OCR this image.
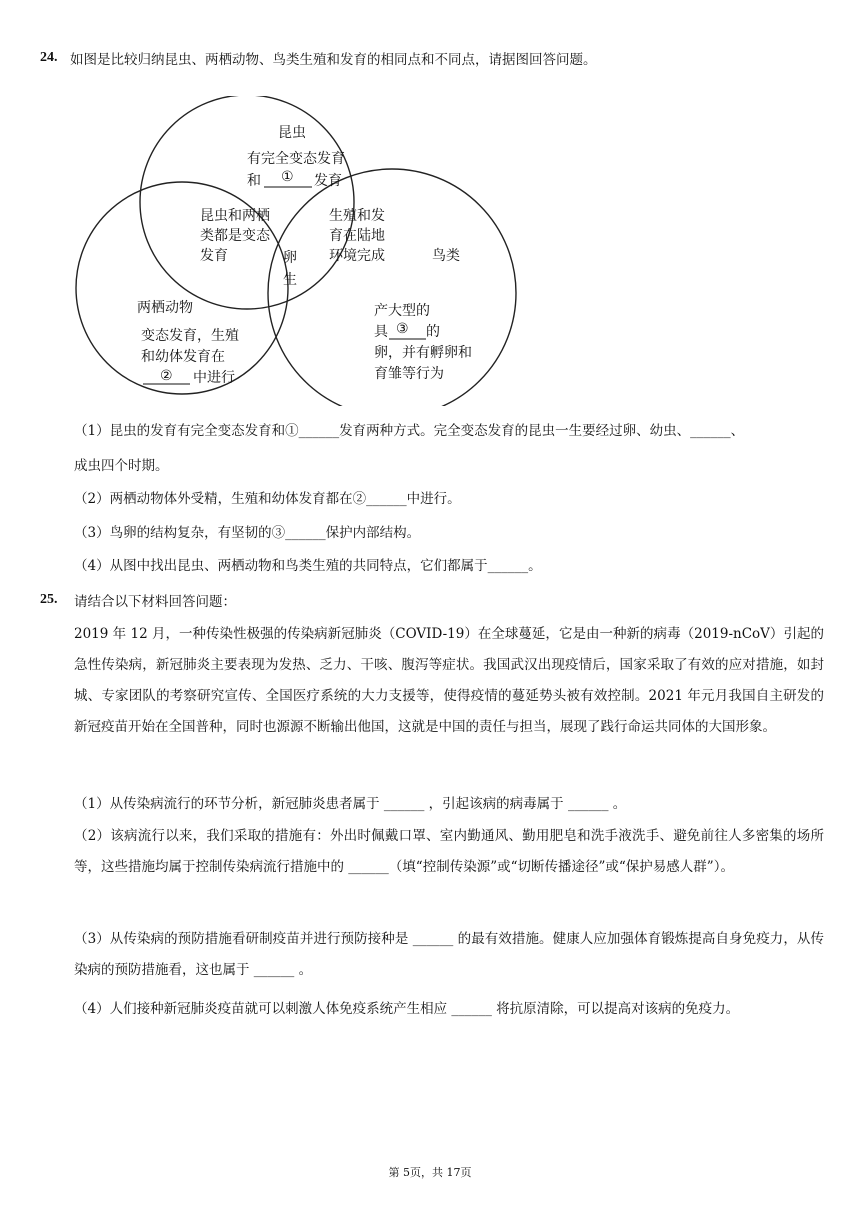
24. 如图是比较归纳昆虫、两栖动物、鸟类生殖和发育的相同点和不同点，请据图回答问题。
昆虫
有完全变态发育
和 ① 发育
昆虫和两栖
类都是变态
发育
生殖和发
育在陆地
环境完成
卵
生
鸟类
两栖动物
变态发育，生殖
和幼体发育在
② 中进行
产大型的
具 ③ 的
卵，并有孵卵和
育雏等行为
（1）昆虫的发育有完全变态发育和①______发育两种方式。完全变态发育的昆虫一生要经过卵、幼虫、______、
成虫四个时期。
（2）两栖动物体外受精，生殖和幼体发育都在②______中进行。
（3）鸟卵的结构复杂，有坚韧的③______保护内部结构。
（4）从图中找出昆虫、两栖动物和鸟类生殖的共同特点，它们都属于______。
25. 请结合以下材料回答问题：
2019 年 12 月，一种传染性极强的传染病新冠肺炎（COVID-19）在全球蔓延，它是由一种新的病毒（2019-nCoV）引起的急性传染病，新冠肺炎主要表现为发热、乏力、干咳、腹泻等症状。我国武汉出现疫情后，国家采取了有效的应对措施，如封城、专家团队的考察研究宣传、全国医疗系统的大力支援等，使得疫情的蔓延势头被有效控制。2021 年元月我国自主研发的新冠疫苗开始在全国普种，同时也源源不断输出他国，这就是中国的责任与担当，展现了践行命运共同体的大国形象。
（1）从传染病流行的环节分析，新冠肺炎患者属于 ______ ，引起该病的病毒属于 ______ 。
（2）该病流行以来，我们采取的措施有：外出时佩戴口罩、室内勤通风、勤用肥皂和洗手液洗手、避免前往人多密集的场所等，这些措施均属于控制传染病流行措施中的 ______（填“控制传染源”或“切断传播途径”或“保护易感人群”）。
（3）从传染病的预防措施看研制疫苗并进行预防接种是 ______ 的最有效措施。健康人应加强体育锻炼提高自身免疫力，从传染病的预防措施看，这也属于 ______ 。
（4）人们接种新冠肺炎疫苗就可以刺激人体免疫系统产生相应 ______ 将抗原清除，可以提高对该病的免疫力。
第 5页，共 17页
